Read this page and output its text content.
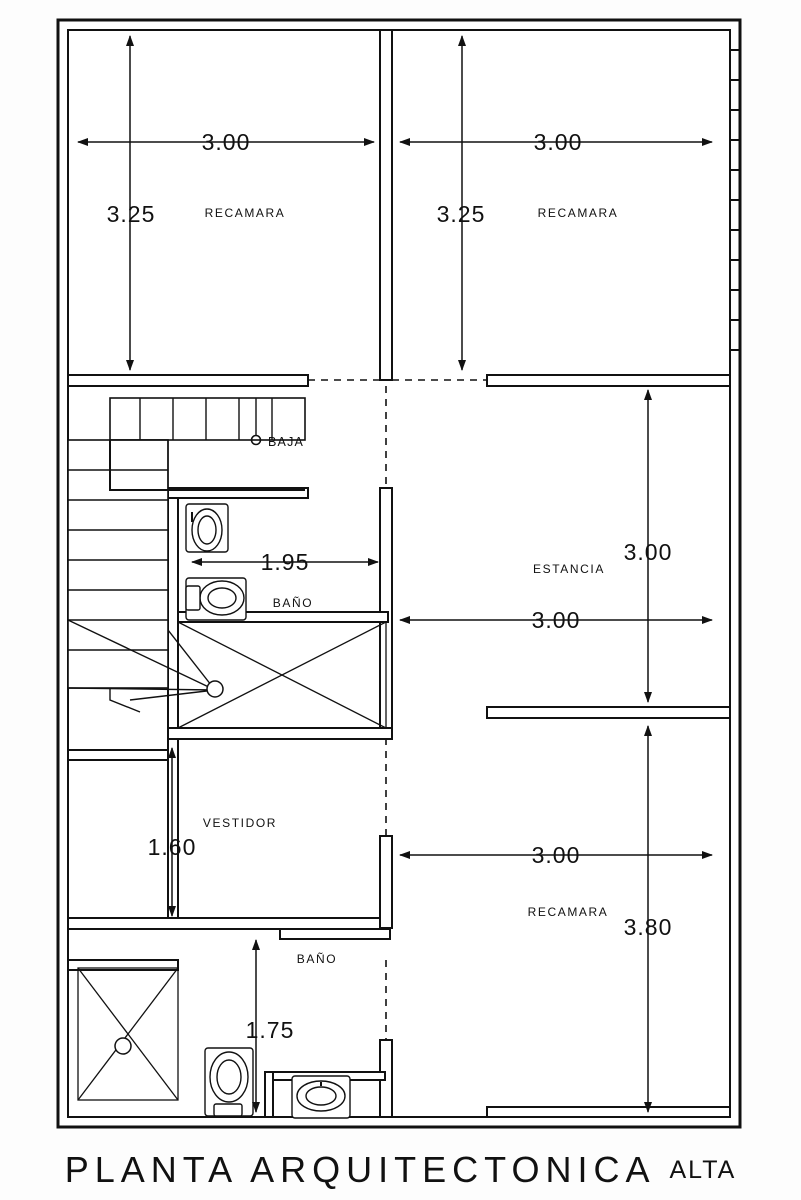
BAJA
3.00	3.00
3.25	3.25
1.95	3.00
3.00
1.60	3.00
3.80
1.75
RECAMARA	RECAMARA
BAÑO
ESTANCIA
VESTIDOR
BAÑO
RECAMARA
PLANTA ARQUITECTONICA ALTA
